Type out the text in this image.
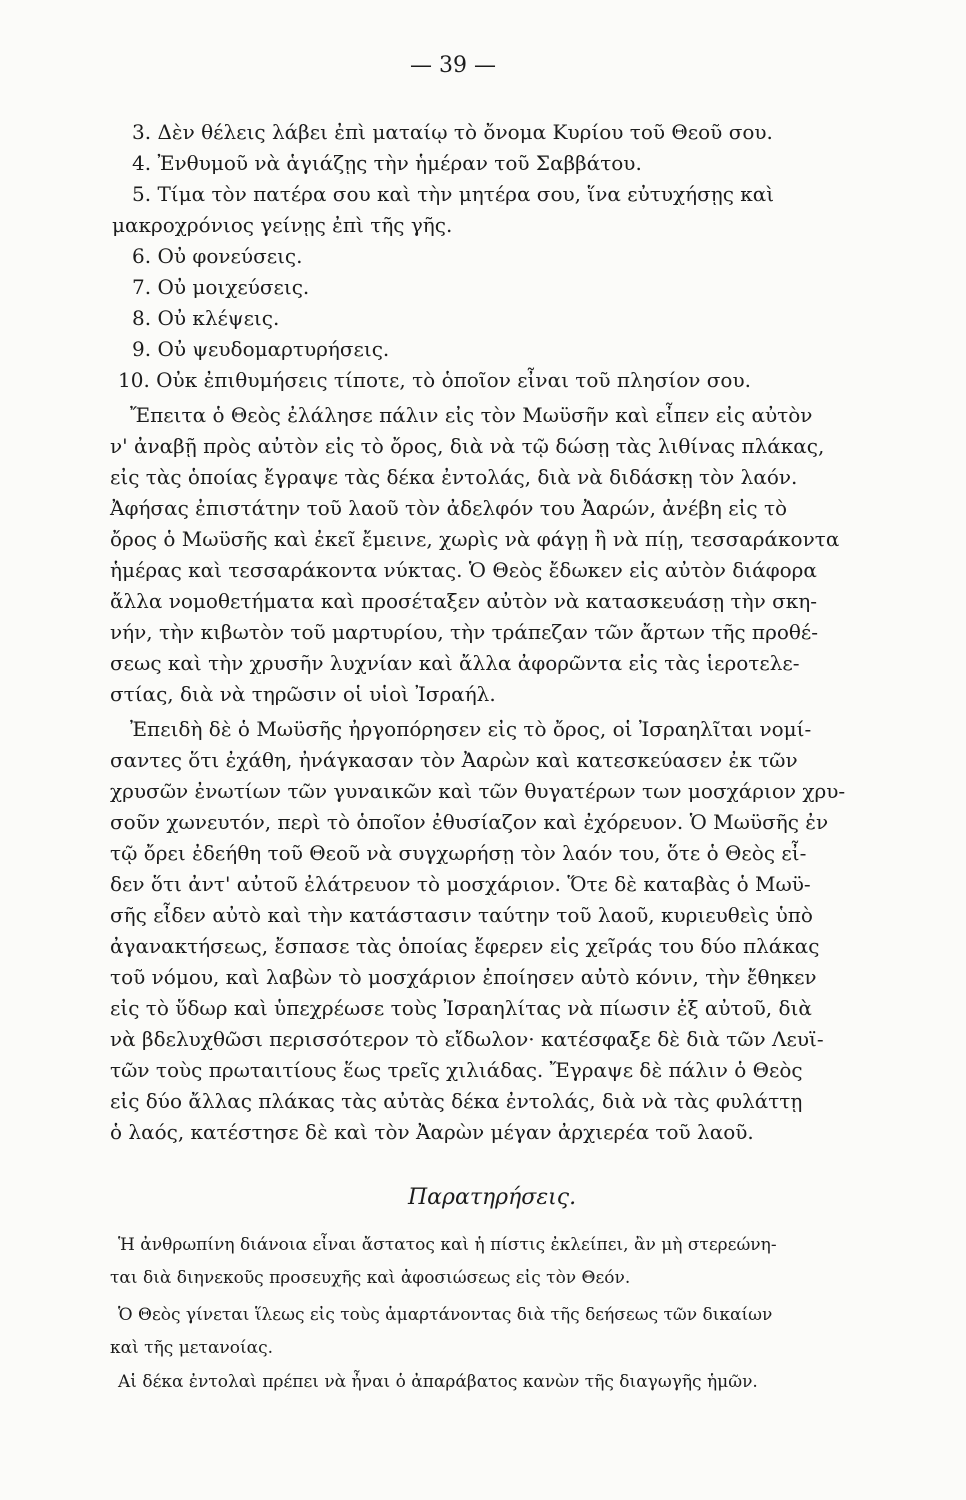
— 39 —
3. Δὲν θέλεις λάβει ἐπὶ ματαίῳ τὸ ὄνομα Κυρίου τοῦ Θεοῦ σου.
4. Ἐνθυμοῦ νὰ ἁγιάζῃς τὴν ἡμέραν τοῦ Σαββάτου.
5. Τίμα τὸν πατέρα σου καὶ τὴν μητέρα σου, ἵνα εὐτυχήσῃς καὶ
μακροχρόνιος γείνῃς ἐπὶ τῆς γῆς.
6. Οὐ φονεύσεις.
7. Οὐ μοιχεύσεις.
8. Οὐ κλέψεις.
9. Οὐ ψευδομαρτυρήσεις.
10. Οὐκ ἐπιθυμήσεις τίποτε, τὸ ὁποῖον εἶναι τοῦ πλησίον σου.
Ἔπειτα ὁ Θεὸς ἐλάλησε πάλιν εἰς τὸν Μωϋσῆν καὶ εἶπεν εἰς αὐτὸν
ν' ἀναβῇ πρὸς αὐτὸν εἰς τὸ ὄρος, διὰ νὰ τῷ δώσῃ τὰς λιθίνας πλάκας,
εἰς τὰς ὁποίας ἔγραψε τὰς δέκα ἐντολάς, διὰ νὰ διδάσκῃ τὸν λαόν.
Ἀφήσας ἐπιστάτην τοῦ λαοῦ τὸν ἀδελφόν του Ἀαρών, ἀνέβη εἰς τὸ
ὄρος ὁ Μωϋσῆς καὶ ἐκεῖ ἔμεινε, χωρὶς νὰ φάγῃ ἢ νὰ πίῃ, τεσσαράκοντα
ἡμέρας καὶ τεσσαράκοντα νύκτας. Ὁ Θεὸς ἔδωκεν εἰς αὐτὸν διάφορα
ἄλλα νομοθετήματα καὶ προσέταξεν αὐτὸν νὰ κατασκευάσῃ τὴν σκη-
νήν, τὴν κιβωτὸν τοῦ μαρτυρίου, τὴν τράπεζαν τῶν ἄρτων τῆς προθέ-
σεως καὶ τὴν χρυσῆν λυχνίαν καὶ ἄλλα ἀφορῶντα εἰς τὰς ἱεροτελε-
στίας, διὰ νὰ τηρῶσιν οἱ υἱοὶ Ἰσραήλ.
Ἐπειδὴ δὲ ὁ Μωϋσῆς ἠργοπόρησεν εἰς τὸ ὄρος, οἱ Ἰσραηλῖται νομί-
σαντες ὅτι ἐχάθη, ἠνάγκασαν τὸν Ἀαρὼν καὶ κατεσκεύασεν ἐκ τῶν
χρυσῶν ἐνωτίων τῶν γυναικῶν καὶ τῶν θυγατέρων των μοσχάριον χρυ-
σοῦν χωνευτόν, περὶ τὸ ὁποῖον ἐθυσίαζον καὶ ἐχόρευον. Ὁ Μωϋσῆς ἐν
τῷ ὄρει ἐδεήθη τοῦ Θεοῦ νὰ συγχωρήσῃ τὸν λαόν του, ὅτε ὁ Θεὸς εἶ-
δεν ὅτι ἀντ' αὐτοῦ ἐλάτρευον τὸ μοσχάριον. Ὅτε δὲ καταβὰς ὁ Μωϋ-
σῆς εἶδεν αὐτὸ καὶ τὴν κατάστασιν ταύτην τοῦ λαοῦ, κυριευθεὶς ὑπὸ
ἀγανακτήσεως, ἔσπασε τὰς ὁποίας ἔφερεν εἰς χεῖράς του δύο πλάκας
τοῦ νόμου, καὶ λαβὼν τὸ μοσχάριον ἐποίησεν αὐτὸ κόνιν, τὴν ἔθηκεν
εἰς τὸ ὕδωρ καὶ ὑπεχρέωσε τοὺς Ἰσραηλίτας νὰ πίωσιν ἐξ αὐτοῦ, διὰ
νὰ βδελυχθῶσι περισσότερον τὸ εἴδωλον· κατέσφαξε δὲ διὰ τῶν Λευϊ-
τῶν τοὺς πρωταιτίους ἕως τρεῖς χιλιάδας. Ἔγραψε δὲ πάλιν ὁ Θεὸς
εἰς δύο ἄλλας πλάκας τὰς αὐτὰς δέκα ἐντολάς, διὰ νὰ τὰς φυλάττῃ
ὁ λαός, κατέστησε δὲ καὶ τὸν Ἀαρὼν μέγαν ἀρχιερέα τοῦ λαοῦ.
Παρατηρήσεις.
Ἡ ἀνθρωπίνη διάνοια εἶναι ἄστατος καὶ ἡ πίστις ἐκλείπει, ἂν μὴ στερεώνη-
ται διὰ διηνεκοῦς προσευχῆς καὶ ἀφοσιώσεως εἰς τὸν Θεόν.
Ὁ Θεὸς γίνεται ἵλεως εἰς τοὺς ἁμαρτάνοντας διὰ τῆς δεήσεως τῶν δικαίων
καὶ τῆς μετανοίας.
Αἱ δέκα ἐντολαὶ πρέπει νὰ ἦναι ὁ ἀπαράβατος κανὼν τῆς διαγωγῆς ἡμῶν.
